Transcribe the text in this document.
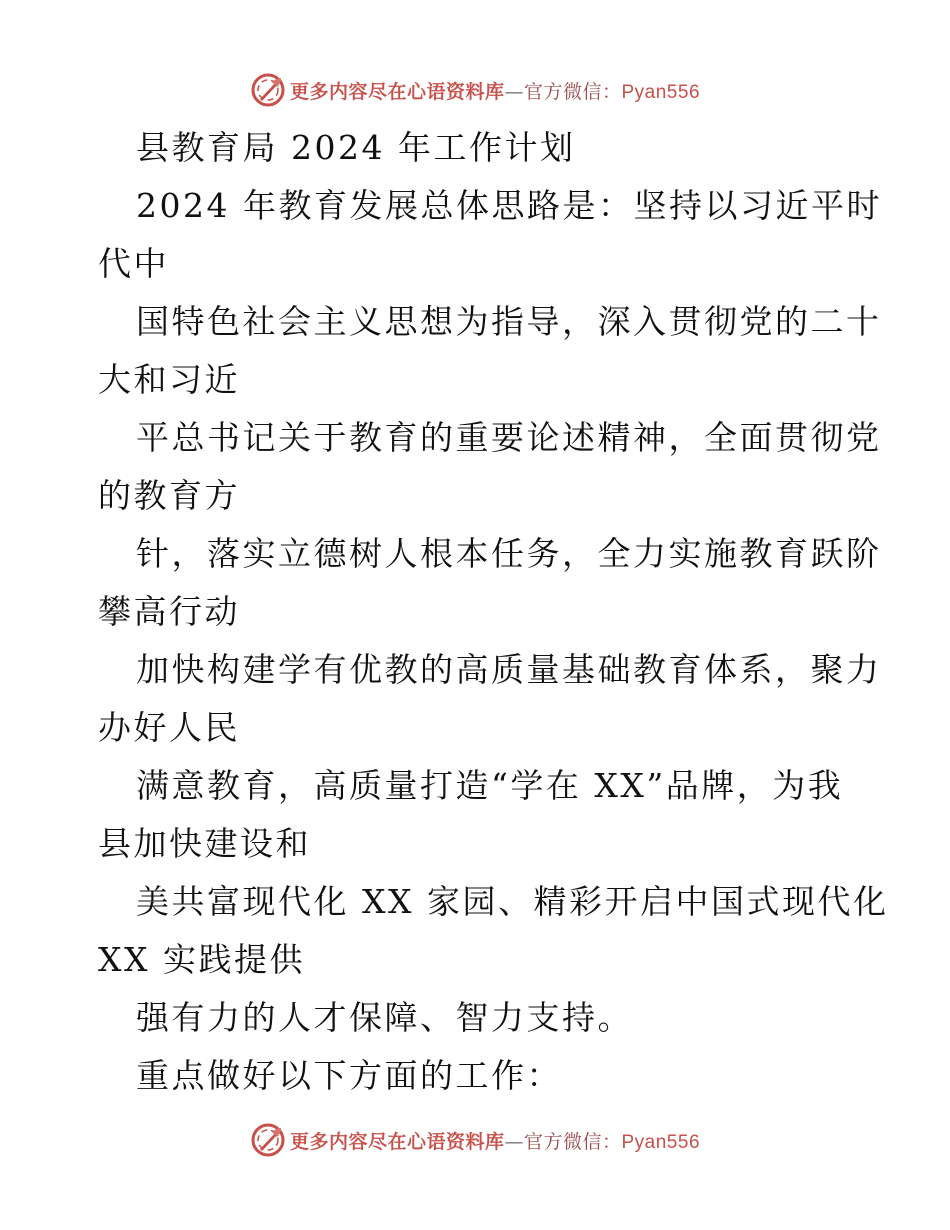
更多内容尽在心语资料库—官方微信：Pyan556
县教育局 2024 年工作计划
2024 年教育发展总体思路是：坚持以习近平时
代中
国特色社会主义思想为指导，深入贯彻党的二十
大和习近
平总书记关于教育的重要论述精神，全面贯彻党
的教育方
针，落实立德树人根本任务，全力实施教育跃阶
攀高行动
加快构建学有优教的高质量基础教育体系，聚力
办好人民
满意教育，高质量打造“学在 XX”品牌，为我
县加快建设和
美共富现代化 XX 家园、精彩开启中国式现代化
XX 实践提供
强有力的人才保障、智力支持。
重点做好以下方面的工作：
更多内容尽在心语资料库—官方微信：Pyan556
